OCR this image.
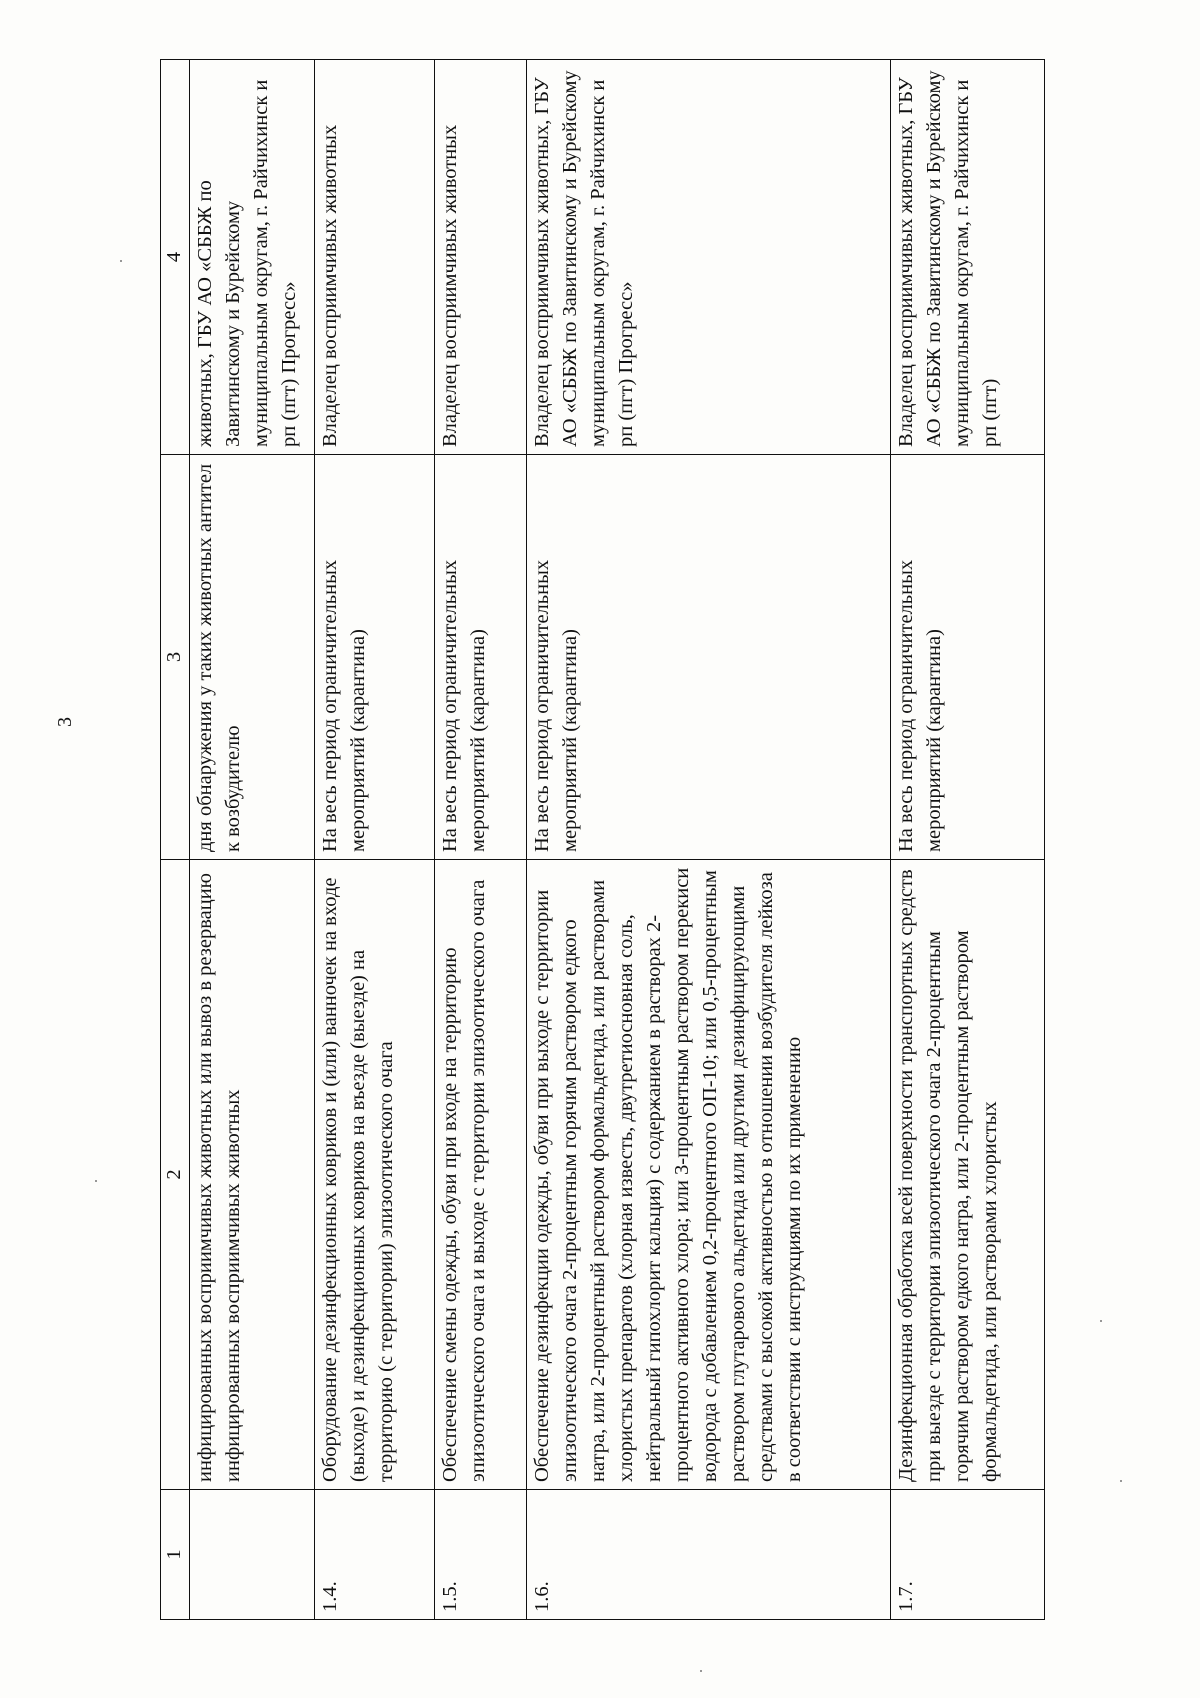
3
1	2	3	4
	инфицированных восприимчивых животных или вывоз в резервацию инфицированных восприимчивых животных	дня обнаружения у таких животных антител к возбудителю	животных, ГБУ АО «СББЖ по Завитинскому и Бурейскому муниципальным округам, г. Райчихинск и рп (пгт) Прогресс»
1.4.	Оборудование дезинфекционных ковриков и (или) ванночек на входе (выходе) и дезинфекционных ковриков на въезде (выезде) на территорию (с территории) эпизоотического очага	На весь период ограничительных мероприятий (карантина)	Владелец восприимчивых животных
1.5.	Обеспечение смены одежды, обуви при входе на территорию эпизоотического очага и выходе с территории эпизоотического очага	На весь период ограничительных мероприятий (карантина)	Владелец восприимчивых животных
1.6.	Обеспечение дезинфекции одежды, обуви при выходе с территории эпизоотического очага 2-процентным горячим раствором едкого натра, или 2-процентный раствором формальдегида, или растворами хлористых препаратов (хлорная известь, двутретиосновная соль, нейтральный гипохлорит кальция) с содержанием в растворах 2-процентного активного хлора; или 3-процентным раствором перекиси водорода с добавлением 0,2-процентного ОП-10; или 0,5-процентным раствором глутарового альдегида или другими дезинфицирующими средствами с высокой активностью в отношении возбудителя лейкоза в соответствии с инструкциями по их применению	На весь период ограничительных мероприятий (карантина)	Владелец восприимчивых животных, ГБУ АО «СББЖ по Завитинскому и Бурейскому муниципальным округам, г. Райчихинск и рп (пгт) Прогресс»
1.7.	Дезинфекционная обработка всей поверхности транспортных средств при выезде с территории эпизоотического очага 2-процентным горячим раствором едкого натра, или 2-процентным раствором формальдегида, или растворами хлористых	На весь период ограничительных мероприятий (карантина)	Владелец восприимчивых животных, ГБУ АО «СББЖ по Завитинскому и Бурейскому муниципальным округам, г. Райчихинск и рп (пгт)
